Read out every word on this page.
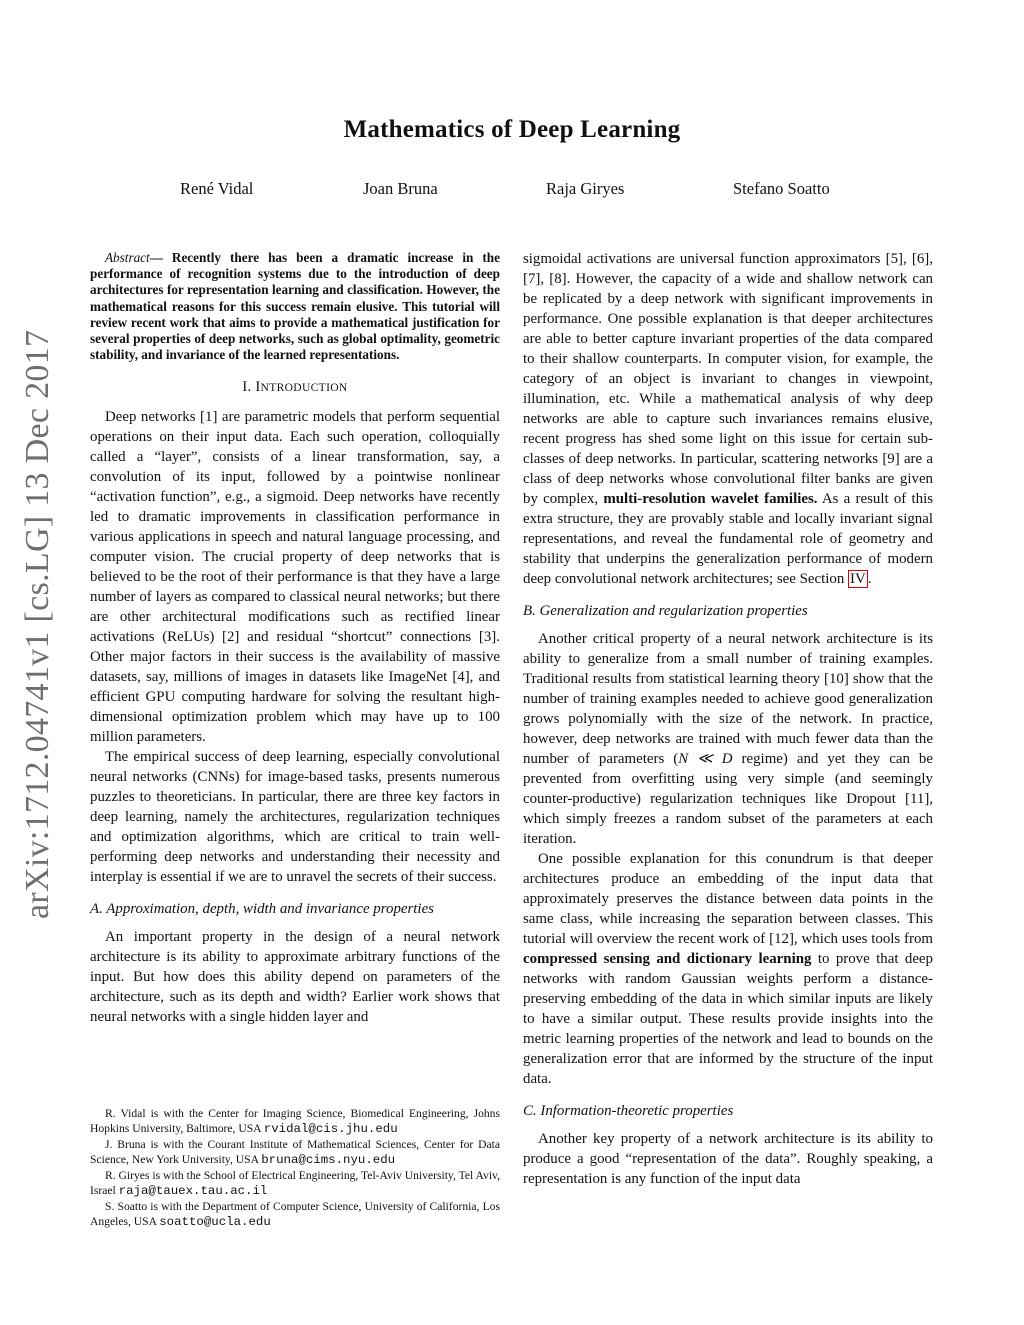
Mathematics of Deep Learning
René Vidal	Joan Bruna	Raja Giryes	Stefano Soatto
arXiv:1712.04741v1 [cs.LG] 13 Dec 2017

Abstract— Recently there has been a dramatic increase in the performance of recognition systems due to the introduction of deep architectures for representation learning and classification. However, the mathematical reasons for this success remain elusive. This tutorial will review recent work that aims to provide a mathematical justification for several properties of deep networks, such as global optimality, geometric stability, and invariance of the learned representations.

I. INTRODUCTION

Deep networks [1] are parametric models that perform sequential operations on their input data. Each such operation, colloquially called a “layer”, consists of a linear transformation, say, a convolution of its input, followed by a pointwise nonlinear “activation function”, e.g., a sigmoid. Deep networks have recently led to dramatic improvements in classification performance in various applications in speech and natural language processing, and computer vision. The crucial property of deep networks that is believed to be the root of their performance is that they have a large number of layers as compared to classical neural networks; but there are other architectural modifications such as rectified linear activations (ReLUs) [2] and residual “shortcut” connections [3]. Other major factors in their success is the availability of massive datasets, say, millions of images in datasets like ImageNet [4], and efficient GPU computing hardware for solving the resultant high-dimensional optimization problem which may have up to 100 million parameters.

The empirical success of deep learning, especially convolutional neural networks (CNNs) for image-based tasks, presents numerous puzzles to theoreticians. In particular, there are three key factors in deep learning, namely the architectures, regularization techniques and optimization algorithms, which are critical to train well-performing deep networks and understanding their necessity and interplay is essential if we are to unravel the secrets of their success.

A. Approximation, depth, width and invariance properties

An important property in the design of a neural network architecture is its ability to approximate arbitrary functions of the input. But how does this ability depend on parameters of the architecture, such as its depth and width? Earlier work shows that neural networks with a single hidden layer and

sigmoidal activations are universal function approximators [5], [6], [7], [8]. However, the capacity of a wide and shallow network can be replicated by a deep network with significant improvements in performance. One possible explanation is that deeper architectures are able to better capture invariant properties of the data compared to their shallow counterparts. In computer vision, for example, the category of an object is invariant to changes in viewpoint, illumination, etc. While a mathematical analysis of why deep networks are able to capture such invariances remains elusive, recent progress has shed some light on this issue for certain sub-classes of deep networks. In particular, scattering networks [9] are a class of deep networks whose convolutional filter banks are given by complex, multi-resolution wavelet families. As a result of this extra structure, they are provably stable and locally invariant signal representations, and reveal the fundamental role of geometry and stability that underpins the generalization performance of modern deep convolutional network architectures; see Section IV .

B. Generalization and regularization properties

Another critical property of a neural network architecture is its ability to generalize from a small number of training examples. Traditional results from statistical learning theory [10] show that the number of training examples needed to achieve good generalization grows polynomially with the size of the network. In practice, however, deep networks are trained with much fewer data than the number of parameters (N ≪ D regime) and yet they can be prevented from overfitting using very simple (and seemingly counter-productive) regularization techniques like Dropout [11], which simply freezes a random subset of the parameters at each iteration.

One possible explanation for this conundrum is that deeper architectures produce an embedding of the input data that approximately preserves the distance between data points in the same class, while increasing the separation between classes. This tutorial will overview the recent work of [12], which uses tools from compressed sensing and dictionary learning to prove that deep networks with random Gaussian weights perform a distance-preserving embedding of the data in which similar inputs are likely to have a similar output. These results provide insights into the metric learning properties of the network and lead to bounds on the generalization error that are informed by the structure of the input data.

C. Information-theoretic properties

Another key property of a network architecture is its ability to produce a good “representation of the data”. Roughly speaking, a representation is any function of the input data

R. Vidal is with the Center for Imaging Science, Biomedical Engineering, Johns Hopkins University, Baltimore, USA rvidal@cis.jhu.edu

J. Bruna is with the Courant Institute of Mathematical Sciences, Center for Data Science, New York University, USA bruna@cims.nyu.edu

R. Giryes is with the School of Electrical Engineering, Tel-Aviv University, Tel Aviv, Israel raja@tauex.tau.ac.il

S. Soatto is with the Department of Computer Science, University of California, Los Angeles, USA soatto@ucla.edu
